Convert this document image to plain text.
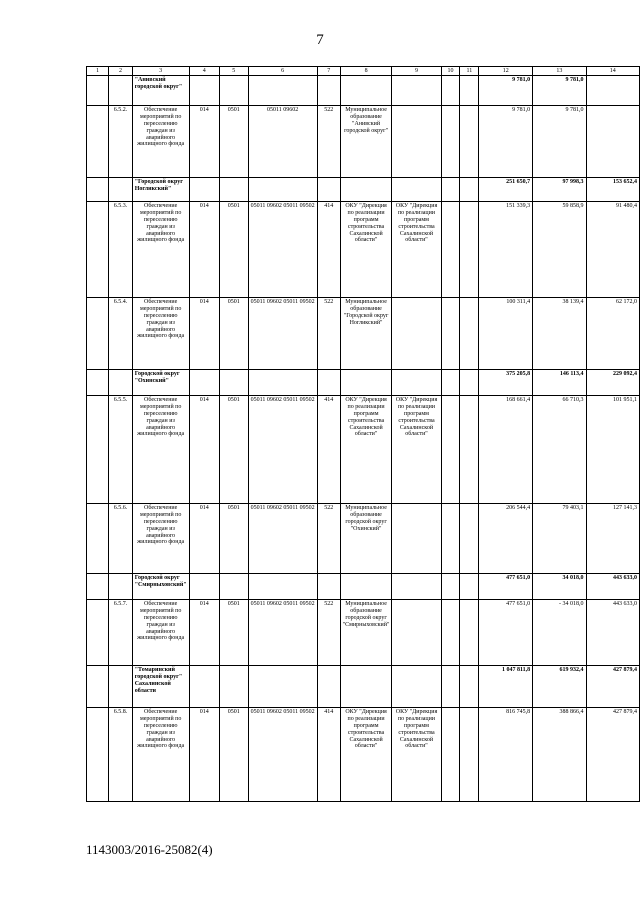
7
1	2	3	4	5	6	7	8	9	10	11	12	13	14
		"Анивский городской округ"									9 781,0	9 781,0	
	6.5.2.	Обеспечение мероприятий по переселению граждан из аварийного жилищного фонда	014	0501	05011 09602	522	Муниципальное образование "Анивский городской округ"				9 781,0	9 781,0	
		"Городской округ Ногликский"									251 650,7	97 998,3	153 652,4
	6.5.3.	Обеспечение мероприятий по переселению граждан из аварийного жилищного фонда	014	0501	05011 09602 05011 09502	414	ОКУ "Дирекция по реализации программ строительства Сахалинской области"	ОКУ "Дирекция по реализации программ строительства Сахалинской области"			151 339,3	59 858,9	91 480,4
	6.5.4.	Обеспечение мероприятий по переселению граждан из аварийного жилищного фонда	014	0501	05011 09602 05011 09502	522	Муниципальное образование "Городской округ Ногликский"				100 311,4	38 139,4	62 172,0
		Городской округ "Охинский"									375 205,8	146 113,4	229 092,4
	6.5.5.	Обеспечение мероприятий по переселению граждан из аварийного жилищного фонда	014	0501	05011 09602 05011 09502	414	ОКУ "Дирекция по реализации программ строительства Сахалинской области"	ОКУ "Дирекция по реализации программ строительства Сахалинской области"			168 661,4	66 710,3	101 951,1
	6.5.6.	Обеспечение мероприятий по переселению граждан из аварийного жилищного фонда	014	0501	05011 09602 05011 09502	522	Муниципальное образование городской округ "Охинский"				206 544,4	79 403,1	127 141,3
		Городской округ "Смирныховский"									477 651,0	34 018,0	443 633,0
	6.5.7.	Обеспечение мероприятий по переселению граждан из аварийного жилищного фонда	014	0501	05011 09602 05011 09502	522	Муниципальное образование городской округ "Смирныховский"				477 651,0	- 34 018,0	443 633,0
		"Томаринский городской округ" Сахалинской области									1 047 811,8	619 932,4	427 879,4
	6.5.8.	Обеспечение мероприятий по переселению граждан из аварийного жилищного фонда	014	0501	05011 09602 05011 09502	414	ОКУ "Дирекция по реализации программ строительства Сахалинской области"	ОКУ "Дирекция по реализации программ строительства Сахалинской области"			816 745,8	388 866,4	427 879,4
1143003/2016-25082(4)
